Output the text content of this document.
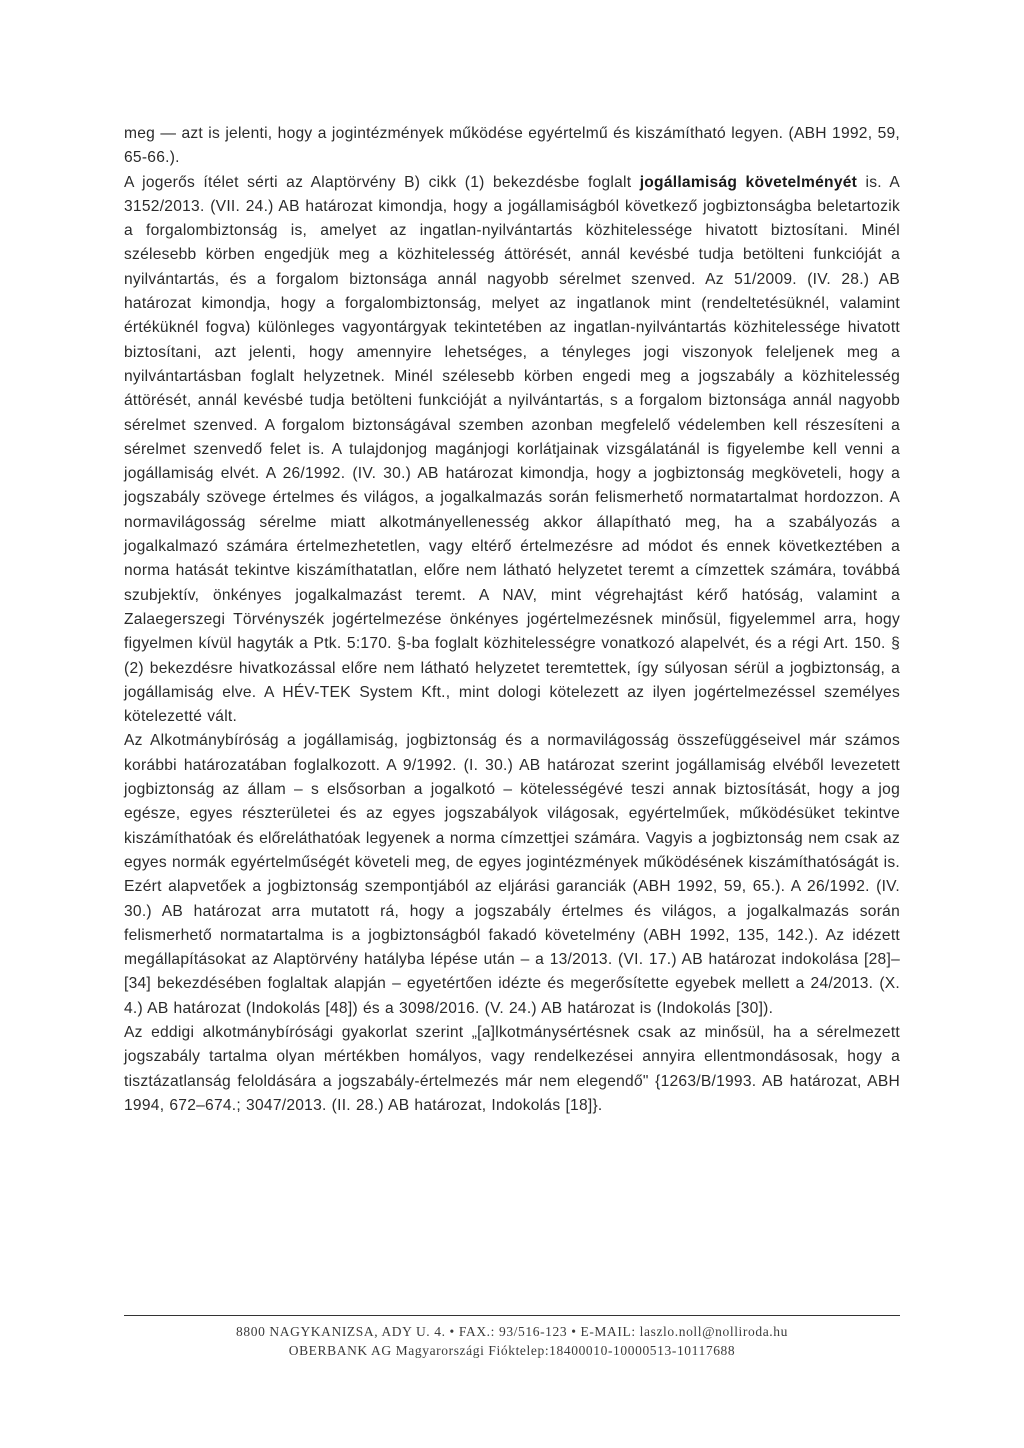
meg — azt is jelenti, hogy a jogintézmények működése egyértelmű és kiszámítható legyen. (ABH 1992, 59, 65-66.).

A jogerős ítélet sérti az Alaptörvény B) cikk (1) bekezdésbe foglalt jogállamiság követelményét is. A 3152/2013. (VII. 24.) AB határozat kimondja, hogy a jogállamiságból következő jogbiztonságba beletartozik a forgalombiztonság is, amelyet az ingatlan-nyilvántartás közhitelessége hivatott biztosítani. Minél szélesebb körben engedjük meg a közhitelesség áttörését, annál kevésbé tudja betölteni funkcióját a nyilvántartás, és a forgalom biztonsága annál nagyobb sérelmet szenved. Az 51/2009. (IV. 28.) AB határozat kimondja, hogy a forgalombiztonság, melyet az ingatlanok mint (rendeltetésüknél, valamint értéküknél fogva) különleges vagyontárgyak tekintetében az ingatlan-nyilvántartás közhitelessége hivatott biztosítani, azt jelenti, hogy amennyire lehetséges, a tényleges jogi viszonyok feleljenek meg a nyilvántartásban foglalt helyzetnek. Minél szélesebb körben engedi meg a jogszabály a közhitelesség áttörését, annál kevésbé tudja betölteni funkcióját a nyilvántartás, s a forgalom biztonsága annál nagyobb sérelmet szenved. A forgalom biztonságával szemben azonban megfelelő védelemben kell részesíteni a sérelmet szenvedő felet is. A tulajdonjog magánjogi korlátjainak vizsgálatánál is figyelembe kell venni a jogállamiság elvét. A 26/1992. (IV. 30.) AB határozat kimondja, hogy a jogbiztonság megköveteli, hogy a jogszabály szövege értelmes és világos, a jogalkalmazás során felismerhető normatartalmat hordozzon. A normavilágosság sérelme miatt alkotmányellenesség akkor állapítható meg, ha a szabályozás a jogalkalmazó számára értelmezhetetlen, vagy eltérő értelmezésre ad módot és ennek következtében a norma hatását tekintve kiszámíthatatlan, előre nem látható helyzetet teremt a címzettek számára, továbbá szubjektív, önkényes jogalkalmazást teremt. A NAV, mint végrehajtást kérő hatóság, valamint a Zalaegerszegi Törvényszék jogértelmezése önkényes jogértelmezésnek minősül, figyelemmel arra, hogy figyelmen kívül hagyták a Ptk. 5:170. §-ba foglalt közhitelességre vonatkozó alapelvét, és a régi Art. 150. § (2) bekezdésre hivatkozással előre nem látható helyzetet teremtettek, így súlyosan sérül a jogbiztonság, a jogállamiság elve. A HÉV-TEK System Kft., mint dologi kötelezett az ilyen jogértelmezéssel személyes kötelezetté vált.

Az Alkotmánybíróság a jogállamiság, jogbiztonság és a normavilágosság összefüggéseivel már számos korábbi határozatában foglalkozott. A 9/1992. (I. 30.) AB határozat szerint jogállamiság elvéből levezetett jogbiztonság az állam – s elsősorban a jogalkotó – kötelességévé teszi annak biztosítását, hogy a jog egésze, egyes részterületei és az egyes jogszabályok világosak, egyértelműek, működésüket tekintve kiszámíthatóak és előreláthatóak legyenek a norma címzettjei számára. Vagyis a jogbiztonság nem csak az egyes normák egyértelműségét követeli meg, de egyes jogintézmények működésének kiszámíthatóságát is. Ezért alapvetőek a jogbiztonság szempontjából az eljárási garanciák (ABH 1992, 59, 65.). A 26/1992. (IV. 30.) AB határozat arra mutatott rá, hogy a jogszabály értelmes és világos, a jogalkalmazás során felismerhető normatartalma is a jogbiztonságból fakadó követelmény (ABH 1992, 135, 142.). Az idézett megállapításokat az Alaptörvény hatályba lépése után – a 13/2013. (VI. 17.) AB határozat indokolása [28]–[34] bekezdésében foglaltak alapján – egyetértően idézte és megerősítette egyebek mellett a 24/2013. (X. 4.) AB határozat (Indokolás [48]) és a 3098/2016. (V. 24.) AB határozat is (Indokolás [30]).

Az eddigi alkotmánybírósági gyakorlat szerint „[a]lkotmánysértésnek csak az minősül, ha a sérelmezett jogszabály tartalma olyan mértékben homályos, vagy rendelkezései annyira ellentmondásosak, hogy a tisztázatlanság feloldására a jogszabály-értelmezés már nem elegendő" {1263/B/1993. AB határozat, ABH 1994, 672–674.; 3047/2013. (II. 28.) AB határozat, Indokolás [18]}.

8800 NAGYKANIZSA, ADY U. 4. • FAX.: 93/516-123 • E-MAIL: laszlo.noll@nolliroda.hu
OBERBANK AG Magyarországi Fióktelep:18400010-10000513-10117688
